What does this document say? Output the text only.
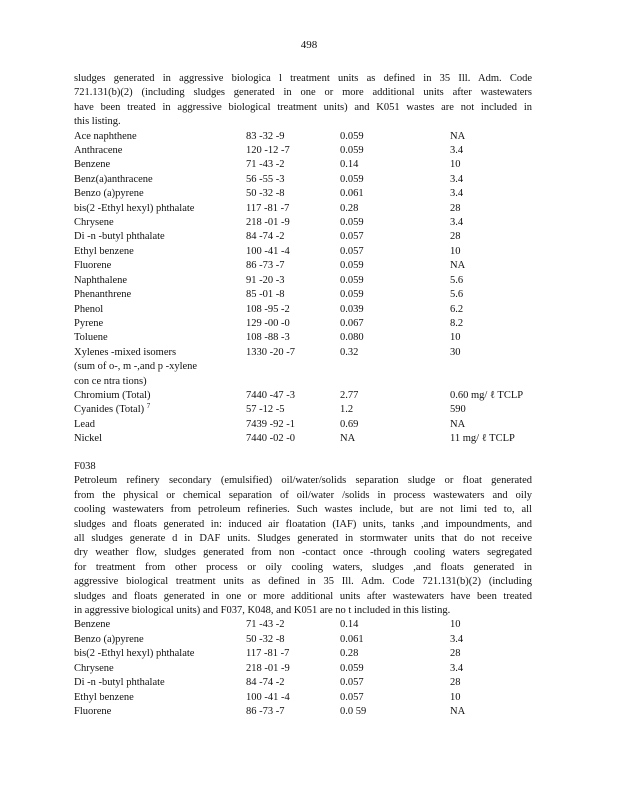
498
sludges generated in aggressive biologica l treatment units as defined in 35 Ill. Adm. Code
721.131(b)(2) (including sludges generated in one or more additional units after wastewaters
have been treated in aggressive biological treatment units) and K051 wastes are not included in
this listing.
Ace naphthene	83 -32 -9	0.059	NA
Anthracene	120 -12 -7	0.059	3.4
Benzene	71 -43 -2	0.14	10
Benz(a)anthracene	56 -55 -3	0.059	3.4
Benzo (a)pyrene	50 -32 -8	0.061	3.4
bis(2 -Ethyl hexyl) phthalate	117 -81 -7	0.28	28
Chrysene	218 -01 -9	0.059	3.4
Di -n -butyl phthalate	84 -74 -2	0.057	28
Ethyl benzene	100 -41 -4	0.057	10
Fluorene	86 -73 -7	0.059	NA
Naphthalene	91 -20 -3	0.059	5.6
Phenanthrene	85 -01 -8	0.059	5.6
Phenol	108 -95 -2	0.039	6.2
Pyrene	129 -00 -0	0.067	8.2
Toluene	108 -88 -3	0.080	10

Xylenes -mixed isomers
(sum of o-, m -,and p -xylene
con ce ntra tions)	1330 -20 -7	0.32	30
Chromium (Total)	7440 -47 -3	2.77	0.60 mg/ ℓ TCLP
Cyanides (Total) $^7$	57 -12 -5	1.2	590
Lead	7439 -92 -1	0.69	NA
Nickel	7440 -02 -0	NA	11 mg/ ℓ TCLP
F038
Petroleum refinery secondary (emulsified) oil/water/solids separation sludge or float generated
from the physical or chemical separation of oil/water /solids in process wastewaters and oily
cooling wastewaters from petroleum refineries. Such wastes include, but are not limi ted to, all
sludges and floats generated in: induced air floatation (IAF) units, tanks ,and impoundments, and
all sludges generate d in DAF units. Sludges generated in stormwater units that do not receive
dry weather flow, sludges generated from non -contact once -through cooling waters segregated
for treatment from other process or oily cooling waters, sludges ,and floats generated in
aggressive biological treatment units as defined in 35 Ill. Adm. Code 721.131(b)(2) (including
sludges and floats generated in one or more additional units after wastewaters have been treated
in aggressive biological units) and F037, K048, and K051 are no t included in this listing.
Benzene	71 -43 -2	0.14	10
Benzo (a)pyrene	50 -32 -8	0.061	3.4
bis(2 -Ethyl hexyl) phthalate	117 -81 -7	0.28	28
Chrysene	218 -01 -9	0.059	3.4
Di -n -butyl phthalate	84 -74 -2	0.057	28
Ethyl benzene	100 -41 -4	0.057	10
Fluorene	86 -73 -7	0.0 59	NA
